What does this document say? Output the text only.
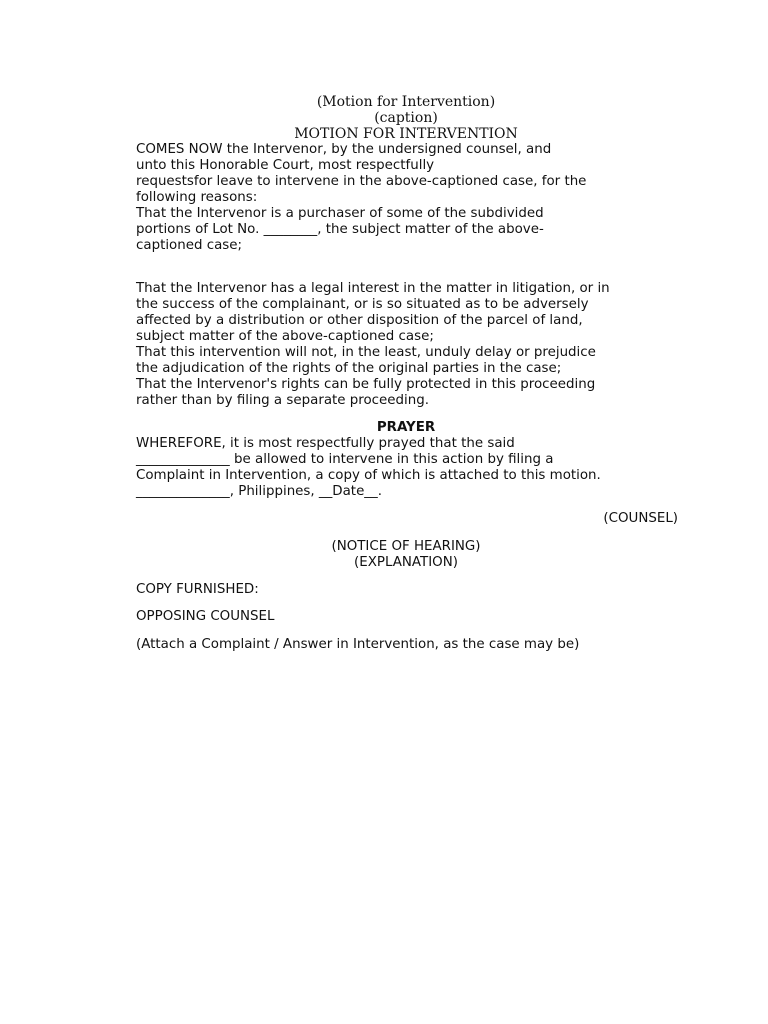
(Motion for Intervention)
(caption)
MOTION FOR INTERVENTION
COMES NOW the Intervenor, by the undersigned counsel, and
unto this Honorable Court, most respectfully
requestsfor leave to intervene in the above-captioned case, for the
following reasons:
That the Intervenor is a purchaser of some of the subdivided
portions of Lot No. ________, the subject matter of the above-
captioned case;
That the Intervenor has a legal interest in the matter in litigation, or in
the success of the complainant, or is so situated as to be adversely
affected by a distribution or other disposition of the parcel of land,
subject matter of the above-captioned case;
That this intervention will not, in the least, unduly delay or prejudice
the adjudication of the rights of the original parties in the case;
That the Intervenor's rights can be fully protected in this proceeding
rather than by filing a separate proceeding.
PRAYER
WHEREFORE, it is most respectfully prayed that the said
______________ be allowed to intervene in this action by filing a
Complaint in Intervention, a copy of which is attached to this motion.
______________, Philippines, __Date__.
(COUNSEL)
(NOTICE OF HEARING)
(EXPLANATION)
COPY FURNISHED:
OPPOSING COUNSEL
(Attach a Complaint / Answer in Intervention, as the case may be)
